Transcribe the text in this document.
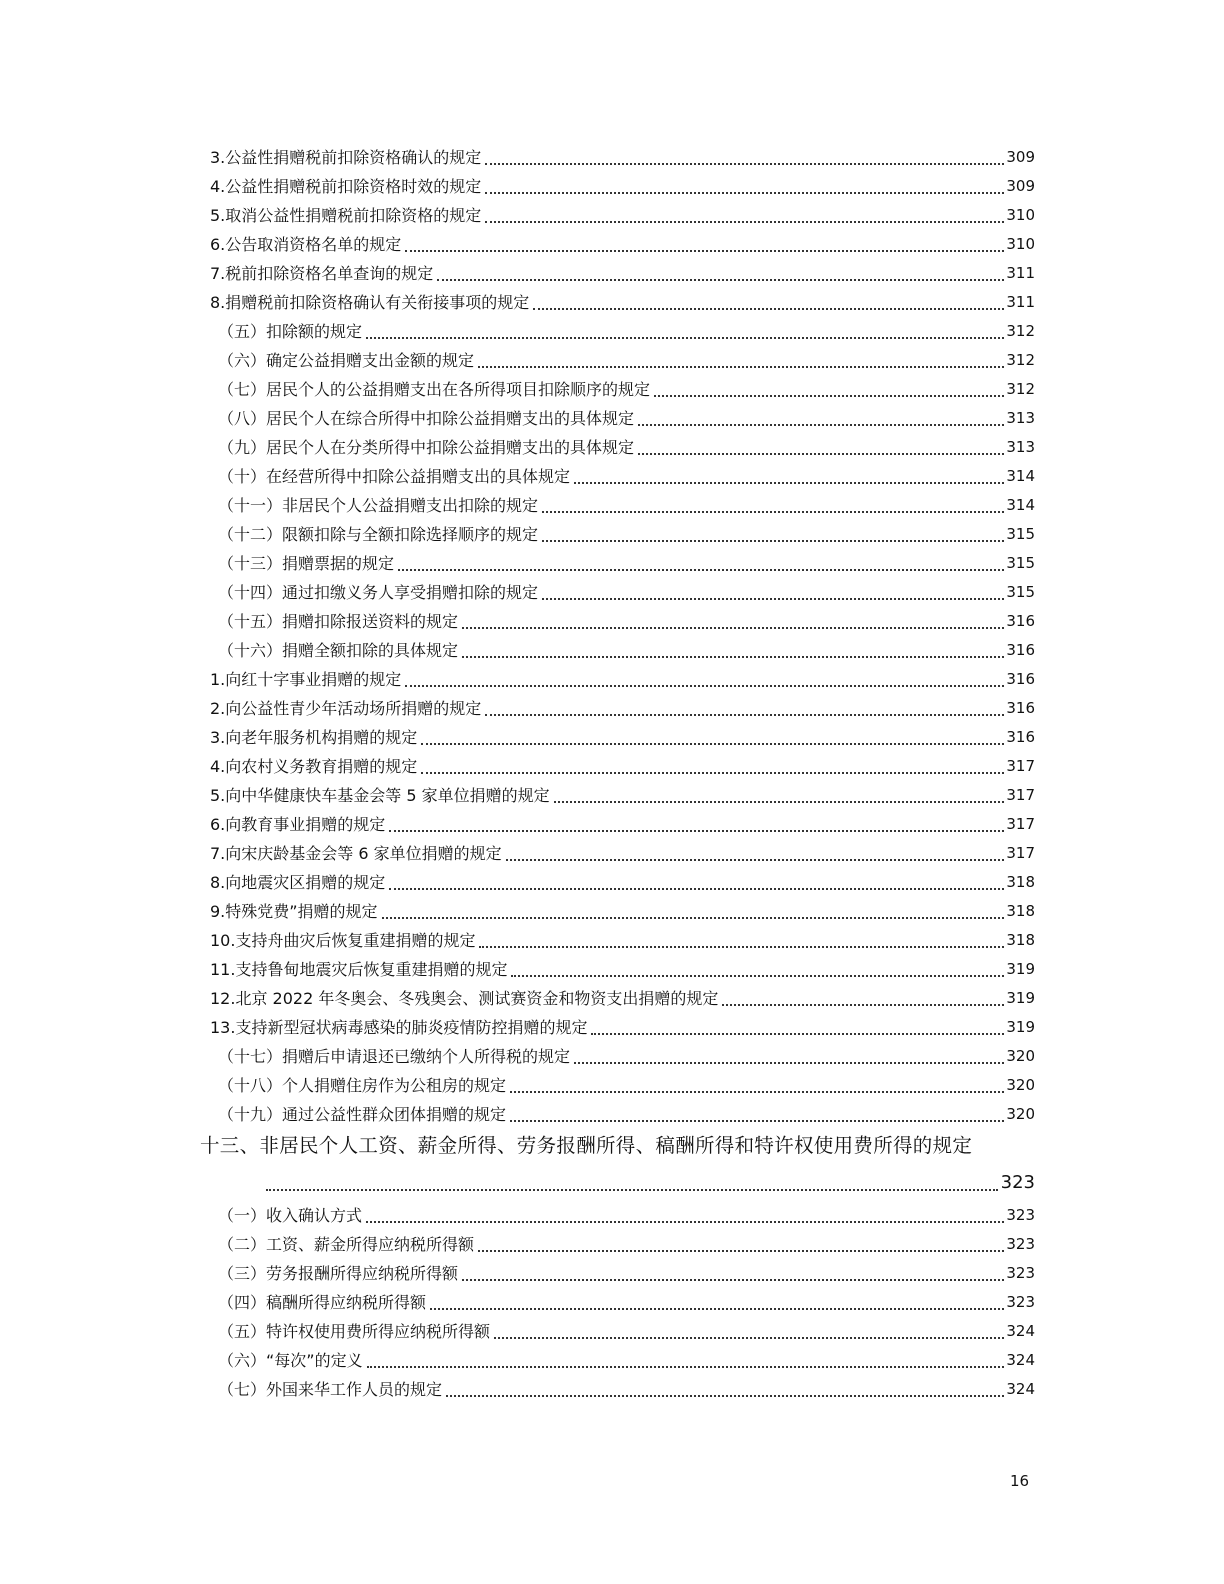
3.公益性捐赠税前扣除资格确认的规定	309
4.公益性捐赠税前扣除资格时效的规定	309
5.取消公益性捐赠税前扣除资格的规定	310
6.公告取消资格名单的规定	310
7.税前扣除资格名单查询的规定	311
8.捐赠税前扣除资格确认有关衔接事项的规定	311
（五）扣除额的规定	312
（六）确定公益捐赠支出金额的规定	312
（七）居民个人的公益捐赠支出在各所得项目扣除顺序的规定	312
（八）居民个人在综合所得中扣除公益捐赠支出的具体规定	313
（九）居民个人在分类所得中扣除公益捐赠支出的具体规定	313
（十）在经营所得中扣除公益捐赠支出的具体规定	314
（十一）非居民个人公益捐赠支出扣除的规定	314
（十二）限额扣除与全额扣除选择顺序的规定	315
（十三）捐赠票据的规定	315
（十四）通过扣缴义务人享受捐赠扣除的规定	315
（十五）捐赠扣除报送资料的规定	316
（十六）捐赠全额扣除的具体规定	316
1.向红十字事业捐赠的规定	316
2.向公益性青少年活动场所捐赠的规定	316
3.向老年服务机构捐赠的规定	316
4.向农村义务教育捐赠的规定	317
5.向中华健康快车基金会等 5 家单位捐赠的规定	317
6.向教育事业捐赠的规定	317
7.向宋庆龄基金会等 6 家单位捐赠的规定	317
8.向地震灾区捐赠的规定	318
9.特殊党费”捐赠的规定	318
10.支持舟曲灾后恢复重建捐赠的规定	318
11.支持鲁甸地震灾后恢复重建捐赠的规定	319
12.北京 2022 年冬奥会、冬残奥会、测试赛资金和物资支出捐赠的规定	319
13.支持新型冠状病毒感染的肺炎疫情防控捐赠的规定	319
（十七）捐赠后申请退还已缴纳个人所得税的规定	320
（十八）个人捐赠住房作为公租房的规定	320
（十九）通过公益性群众团体捐赠的规定	320
十三、非居民个人工资、薪金所得、劳务报酬所得、稿酬所得和特许权使用费所得的规定
323
（一）收入确认方式	323
（二）工资、薪金所得应纳税所得额	323
（三）劳务报酬所得应纳税所得额	323
（四）稿酬所得应纳税所得额	323
（五）特许权使用费所得应纳税所得额	324
（六）“每次”的定义	324
（七）外国来华工作人员的规定	324
16
